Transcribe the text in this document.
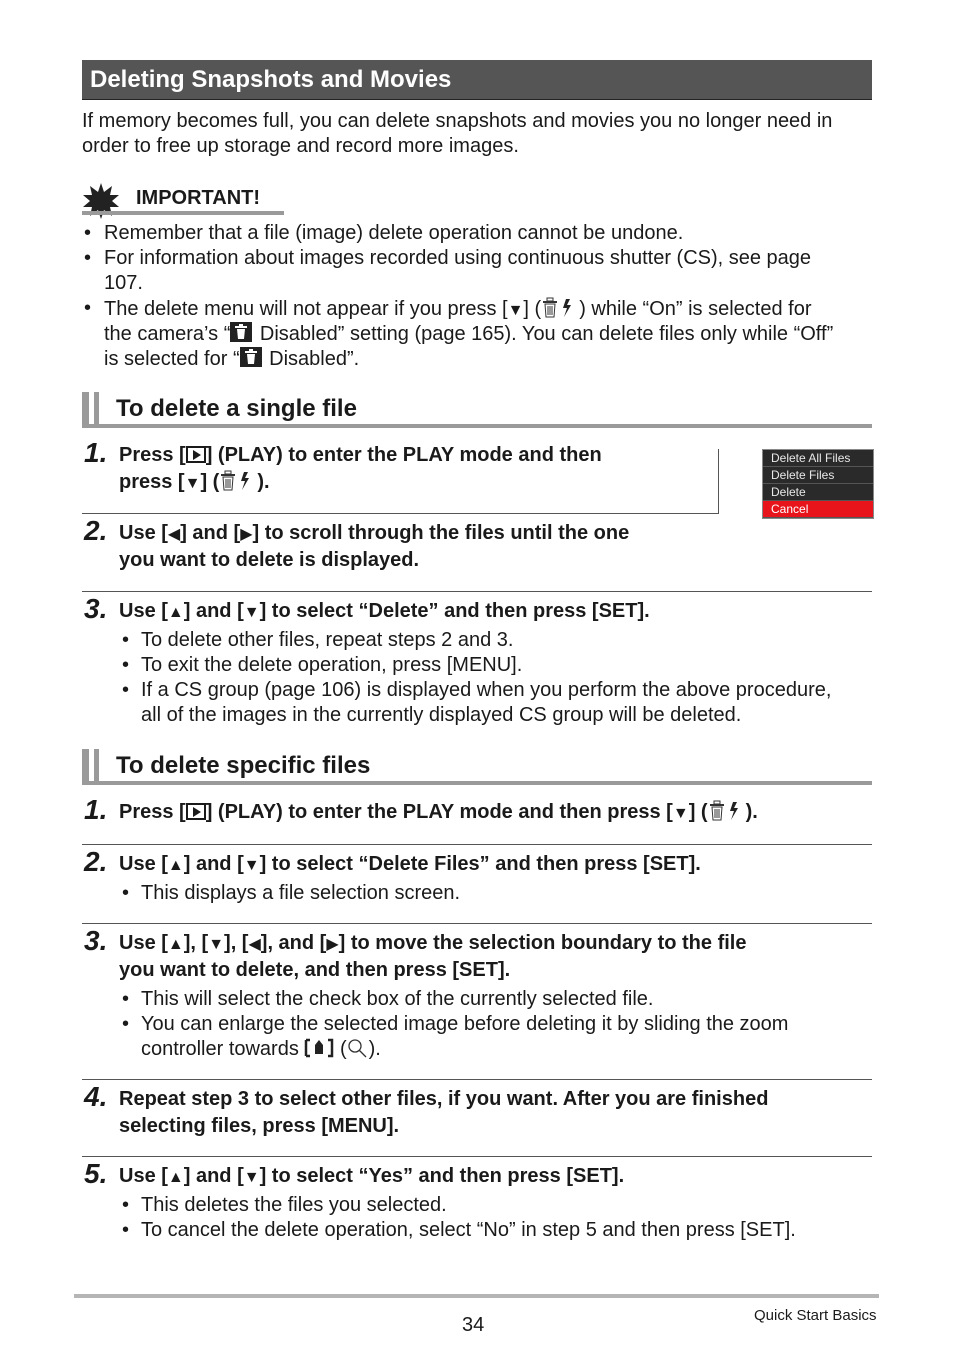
Deleting Snapshots and Movies
If memory becomes full, you can delete snapshots and movies you no longer need in
order to free up storage and record more images.
IMPORTANT!
• Remember that a file (image) delete operation cannot be undone.
• For information about images recorded using continuous shutter (CS), see page
107.
• The delete menu will not appear if you press [▼] ( ) while “On” is selected for
the camera’s “ Disabled” setting (page 165). You can delete files only while “Off”
is selected for “ Disabled”.
To delete a single file
1. Press [ ] (PLAY) to enter the PLAY mode and then
press [▼] ( ).
Delete All Files
Delete Files
Delete
Cancel
2. Use [◀] and [▶] to scroll through the files until the one
you want to delete is displayed.
3. Use [▲] and [▼] to select “Delete” and then press [SET].
• To delete other files, repeat steps 2 and 3.
• To exit the delete operation, press [MENU].
• If a CS group (page 106) is displayed when you perform the above procedure,
all of the images in the currently displayed CS group will be deleted.
To delete specific files
1. Press [ ] (PLAY) to enter the PLAY mode and then press [▼] ( ).
2. Use [▲] and [▼] to select “Delete Files” and then press [SET].
• This displays a file selection screen.
3. Use [▲], [▼], [◀], and [▶] to move the selection boundary to the file
you want to delete, and then press [SET].
• This will select the check box of the currently selected file.
• You can enlarge the selected image before deleting it by sliding the zoom
controller towards ( ).
4. Repeat step 3 to select other files, if you want. After you are finished
selecting files, press [MENU].
5. Use [▲] and [▼] to select “Yes” and then press [SET].
• This deletes the files you selected.
• To cancel the delete operation, select “No” in step 5 and then press [SET].
34	Quick Start Basics
